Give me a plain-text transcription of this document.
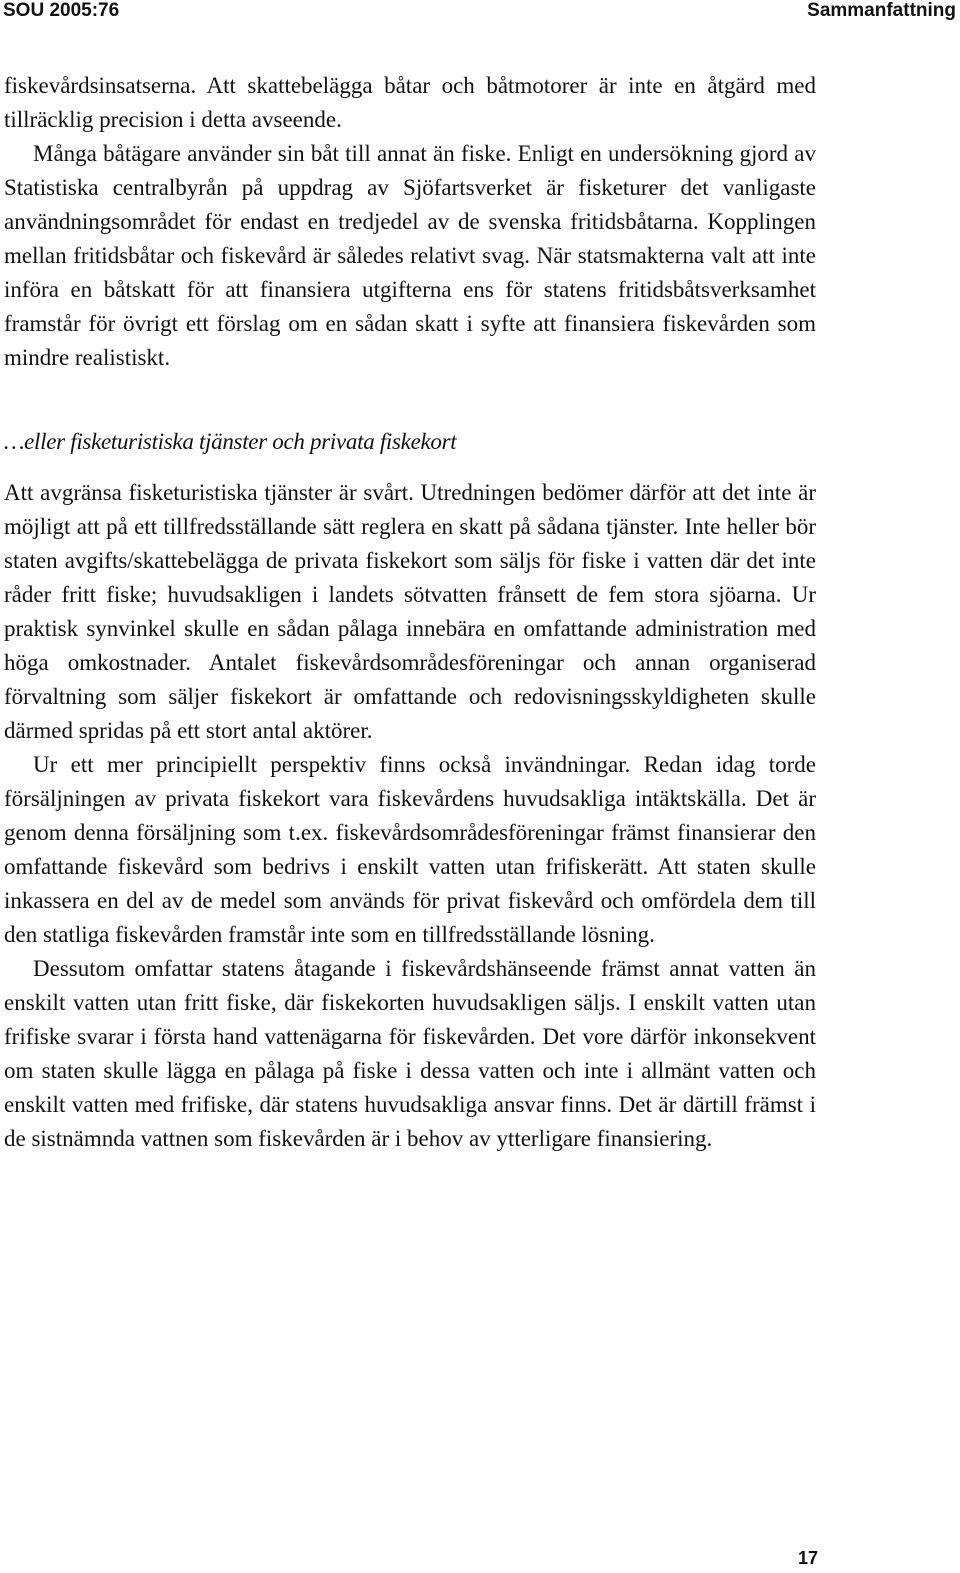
SOU 2005:76	Sammanfattning

fiskevårdsinsatserna. Att skattebelägga båtar och båtmotorer är inte en åtgärd med tillräcklig precision i detta avseende.

Många båtägare använder sin båt till annat än fiske. Enligt en undersökning gjord av Statistiska centralbyrån på uppdrag av Sjöfartsverket är fisketurer det vanligaste användningsområdet för endast en tredjedel av de svenska fritidsbåtarna. Kopplingen mellan fritidsbåtar och fiskevård är således relativt svag. När statsmakterna valt att inte införa en båtskatt för att finansiera utgifterna ens för statens fritidsbåtsverksamhet framstår för övrigt ett förslag om en sådan skatt i syfte att finansiera fiskevården som mindre realistiskt.

…eller fisketuristiska tjänster och privata fiskekort

Att avgränsa fisketuristiska tjänster är svårt. Utredningen bedömer därför att det inte är möjligt att på ett tillfredsställande sätt reglera en skatt på sådana tjänster. Inte heller bör staten avgifts/skattebelägga de privata fiskekort som säljs för fiske i vatten där det inte råder fritt fiske; huvudsakligen i landets sötvatten frånsett de fem stora sjöarna. Ur praktisk synvinkel skulle en sådan pålaga innebära en omfattande administration med höga omkostnader. Antalet fiskevårdsområdesföreningar och annan organiserad förvaltning som säljer fiskekort är omfattande och redovisningsskyldigheten skulle därmed spridas på ett stort antal aktörer.

Ur ett mer principiellt perspektiv finns också invändningar. Redan idag torde försäljningen av privata fiskekort vara fiskevårdens huvudsakliga intäktskälla. Det är genom denna försäljning som t.ex. fiskevårdsområdesföreningar främst finansierar den omfattande fiskevård som bedrivs i enskilt vatten utan frifiskerätt. Att staten skulle inkassera en del av de medel som används för privat fiskevård och omfördela dem till den statliga fiskevården framstår inte som en tillfredsställande lösning.

Dessutom omfattar statens åtagande i fiskevårdshänseende främst annat vatten än enskilt vatten utan fritt fiske, där fiskekorten huvudsakligen säljs. I enskilt vatten utan frifiske svarar i första hand vattenägarna för fiskevården. Det vore därför inkonsekvent om staten skulle lägga en pålaga på fiske i dessa vatten och inte i allmänt vatten och enskilt vatten med frifiske, där statens huvudsakliga ansvar finns. Det är därtill främst i de sistnämnda vattnen som fiskevården är i behov av ytterligare finansiering.

17
